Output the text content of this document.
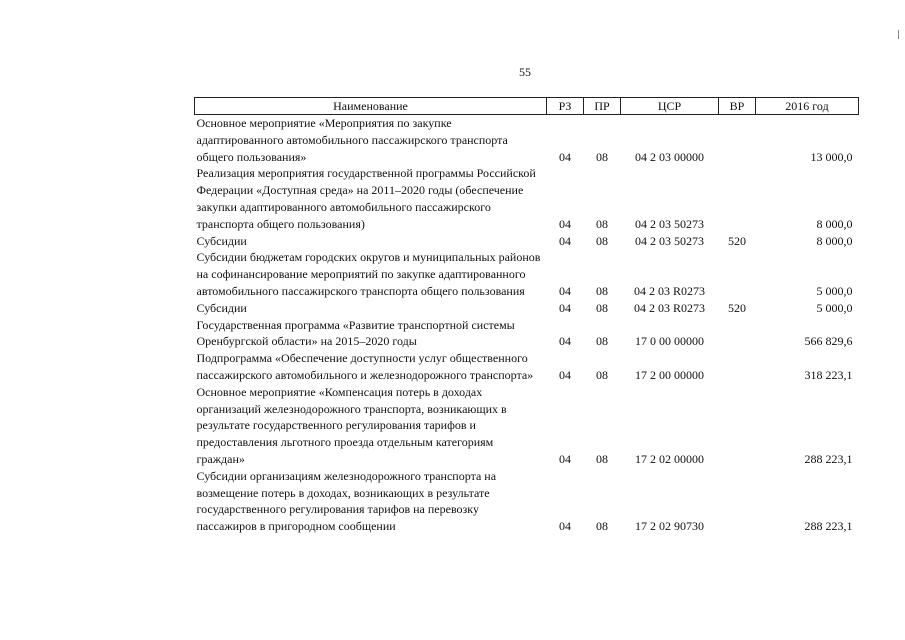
55
Наименование	РЗ	ПР	ЦСР	ВР	2016 год
Основное мероприятие «Мероприятия по закупке адаптированного автомобильного пассажирского транспорта общего пользования»	04	08	04 2 03 00000		13 000,0
Реализация мероприятия государственной программы Российской Федерации «Доступная среда» на 2011–2020 годы (обеспечение закупки адаптированного автомобильного пассажирского транспорта общего пользования)	04	08	04 2 03 50273		8 000,0
Субсидии	04	08	04 2 03 50273	520	8 000,0
Субсидии бюджетам городских округов и муниципальных районов на софинансирование мероприятий по закупке адаптированного автомобильного пассажирского транспорта общего пользования	04	08	04 2 03 R0273		5 000,0
Субсидии	04	08	04 2 03 R0273	520	5 000,0
Государственная программа «Развитие транспортной системы Оренбургской области» на 2015–2020 годы	04	08	17 0 00 00000		566 829,6
Подпрограмма «Обеспечение доступности услуг общественного пассажирского автомобильного и железнодорожного транспорта»	04	08	17 2 00 00000		318 223,1
Основное мероприятие «Компенсация потерь в доходах организаций железнодорожного транспорта, возникающих в результате государственного регулирования тарифов и предоставления льготного проезда отдельным категориям граждан»	04	08	17 2 02 00000		288 223,1
Субсидии организациям железнодорожного транспорта на возмещение потерь в доходах, возникающих в результате государственного регулирования тарифов на перевозку пассажиров в пригородном сообщении	04	08	17 2 02 90730		288 223,1
